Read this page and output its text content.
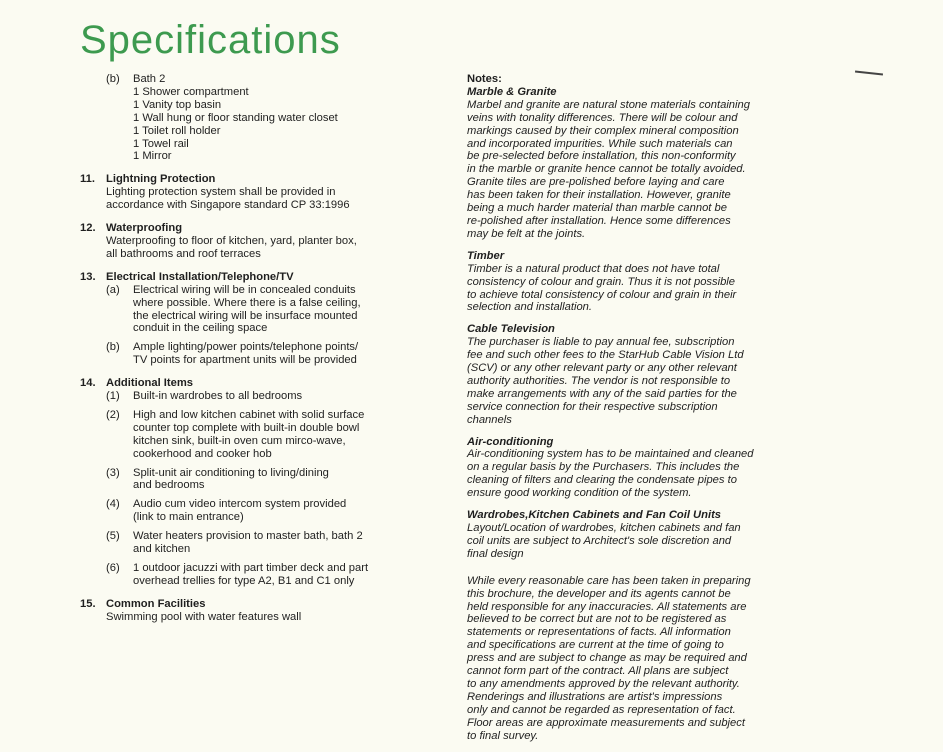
Specifications
(b)	Bath 2
1 Shower compartment
1 Vanity top basin
1 Wall hung or floor standing water closet
1 Toilet roll holder
1 Towel rail
1 Mirror
11. Lightning Protection
Lighting protection system shall be provided in
accordance with Singapore standard CP 33:1996
12. Waterproofing
Waterproofing to floor of kitchen, yard, planter box,
all bathrooms and roof terraces
13. Electrical Installation/Telephone/TV
(a)	Electrical wiring will be in concealed conduits
where possible. Where there is a false ceiling,
the electrical wiring will be insurface mounted
conduit in the ceiling space
(b)	Ample lighting/power points/telephone points/
TV points for apartment units will be provided
14. Additional Items
(1)	Built-in wardrobes to all bedrooms
(2)	High and low kitchen cabinet with solid surface
counter top complete with built-in double bowl
kitchen sink, built-in oven cum mirco-wave,
cookerhood and cooker hob
(3)	Split-unit air conditioning to living/dining
and bedrooms
(4)	Audio cum video intercom system provided
(link to main entrance)
(5)	Water heaters provision to master bath, bath 2
and kitchen
(6)	1 outdoor jacuzzi with part timber deck and part
overhead trellies for type A2, B1 and C1 only
15. Common Facilities
Swimming pool with water features wall
Notes:
Marble & Granite
Marbel and granite are natural stone materials containing
veins with tonality differences. There will be colour and
markings caused by their complex mineral composition
and incorporated impurities. While such materials can
be pre-selected before installation, this non-conformity
in the marble or granite hence cannot be totally avoided.
Granite tiles are pre-polished before laying and care
has been taken for their installation. However, granite
being a much harder material than marble cannot be
re-polished after installation. Hence some differences
may be felt at the joints.
Timber
Timber is a natural product that does not have total
consistency of colour and grain. Thus it is not possible
to achieve total consistency of colour and grain in their
selection and installation.
Cable Television
The purchaser is liable to pay annual fee, subscription
fee and such other fees to the StarHub Cable Vision Ltd
(SCV) or any other relevant party or any other relevant
authority authorities. The vendor is not responsible to
make arrangements with any of the said parties for the
service connection for their respective subscription
channels
Air-conditioning
Air-conditioning system has to be maintained and cleaned
on a regular basis by the Purchasers. This includes the
cleaning of filters and clearing the condensate pipes to
ensure good working condition of the system.
Wardrobes,Kitchen Cabinets and Fan Coil Units
Layout/Location of wardrobes, kitchen cabinets and fan
coil units are subject to Architect's sole discretion and
final design
While every reasonable care has been taken in preparing
this brochure, the developer and its agents cannot be
held responsible for any inaccuracies. All statements are
believed to be correct but are not to be registered as
statements or representations of facts. All information
and specifications are current at the time of going to
press and are subject to change as may be required and
cannot form part of the contract. All plans are subject
to any amendments approved by the relevant authority.
Renderings and illustrations are artist's impressions
only and cannot be regarded as representation of fact.
Floor areas are approximate measurements and subject
to final survey.
